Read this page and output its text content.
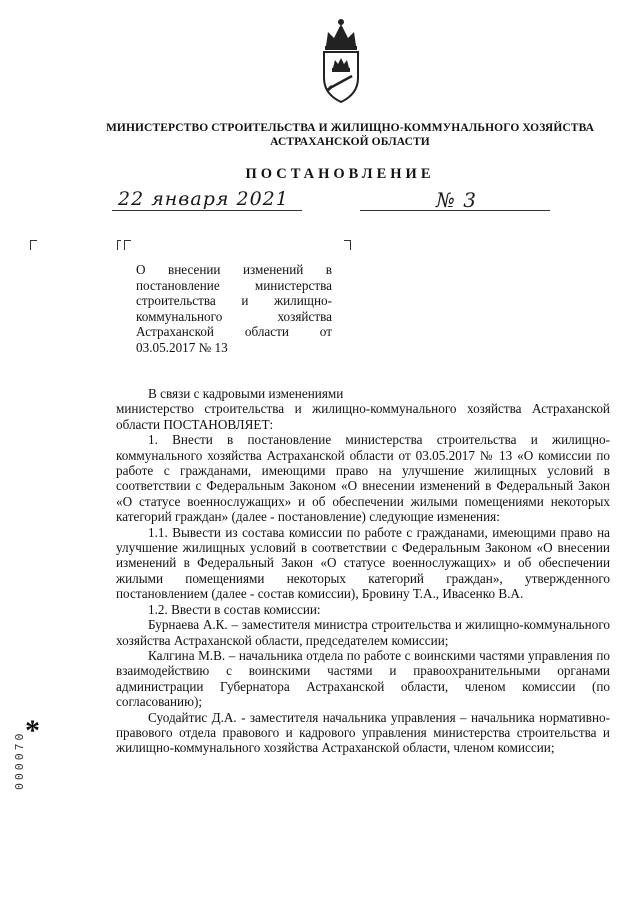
МИНИСТЕРСТВО СТРОИТЕЛЬСТВА И ЖИЛИЩНО-КОММУНАЛЬНОГО ХОЗЯЙСТВА
АСТРАХАНСКОЙ ОБЛАСТИ
ПОСТАНОВЛЕНИЕ
22 января 2021	№ 3
О внесении изменений в
постановление министерства
строительства и жилищно-
коммунального хозяйства
Астраханской области от
03.05.2017 № 13

В связи с кадровыми изменениями

министерство строительства и жилищно-коммунального хозяйства Астраханской области ПОСТАНОВЛЯЕТ:

1. Внести в постановление министерства строительства и жилищно-коммунального хозяйства Астраханской области от 03.05.2017 № 13 «О комиссии по работе с гражданами, имеющими право на улучшение жилищных условий в соответствии с Федеральным Законом «О внесении изменений в Федеральный Закон «О статусе военнослужащих» и об обеспечении жилыми помещениями некоторых категорий граждан» (далее - постановление) следующие изменения:

1.1. Вывести из состава комиссии по работе с гражданами, имеющими право на улучшение жилищных условий в соответствии с Федеральным Законом «О внесении изменений в Федеральный Закон «О статусе военнослужащих» и об обеспечении жилыми помещениями некоторых категорий граждан», утвержденного постановлением (далее - состав комиссии), Бровину Т.А., Ивасенко В.А.

1.2. Ввести в состав комиссии:

Бурнаева А.К. – заместителя министра строительства и жилищно-коммунального хозяйства Астраханской области, председателем комиссии;

Калгина М.В. – начальника отдела по работе с воинскими частями управления по взаимодействию с воинскими частями и правоохранительными органами администрации Губернатора Астраханской области, членом комиссии (по согласованию);

Суодайтис Д.А. - заместителя начальника управления – начальника нормативно-правового отдела правового и кадрового управления министерства строительства и жилищно-коммунального хозяйства Астраханской области, членом комиссии;

*
000070
